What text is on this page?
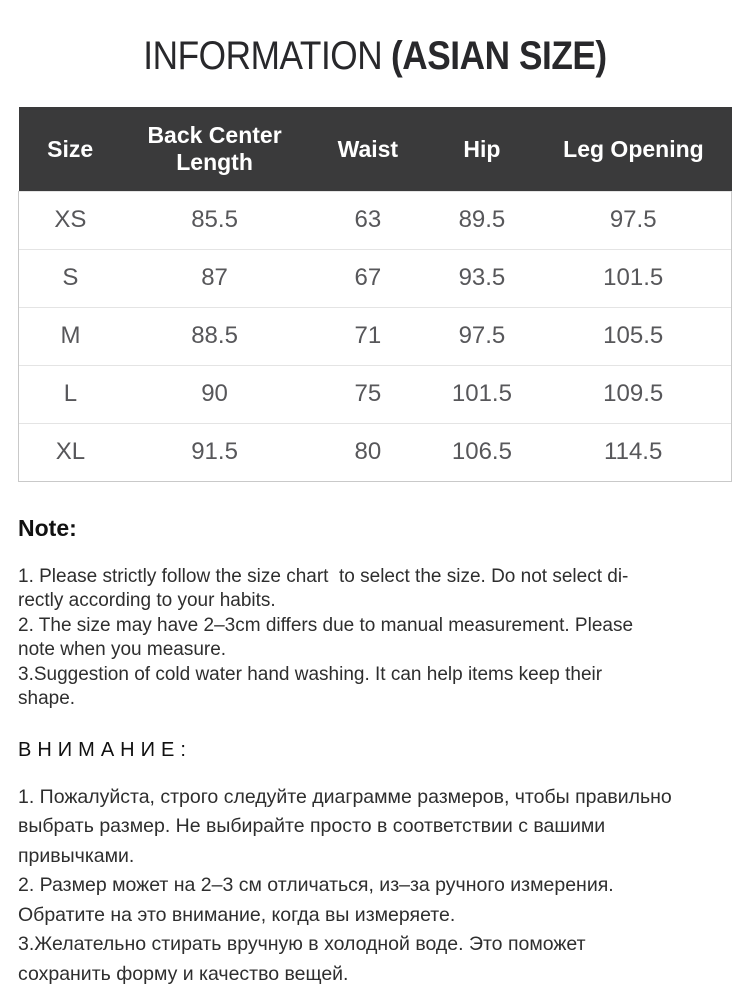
INFORMATION (ASIAN SIZE)
Size	Back Center Length	Waist	Hip	Leg Opening
XS	85.5	63	89.5	97.5
S	87	67	93.5	101.5
M	88.5	71	97.5	105.5
L	90	75	101.5	109.5
XL	91.5	80	106.5	114.5
Note:
1. Please strictly follow the size chart  to select the size. Do not select di-
rectly according to your habits.
2. The size may have 2–3cm differs due to manual measurement. Please
note when you measure.
3.Suggestion of cold water hand washing. It can help items keep their
shape.
ВНИМАНИЕ:
1. Пожалуйста, строго следуйте диаграмме размеров, чтобы правильно
выбрать размер. Не выбирайте просто в соответствии с вашими
привычками.
2. Размер может на 2–3 см отличаться, из–за ручного измерения.
Обратите на это внимание, когда вы измеряете.
3.Желательно стирать вручную в холодной воде. Это поможет
сохранить форму и качество вещей.
